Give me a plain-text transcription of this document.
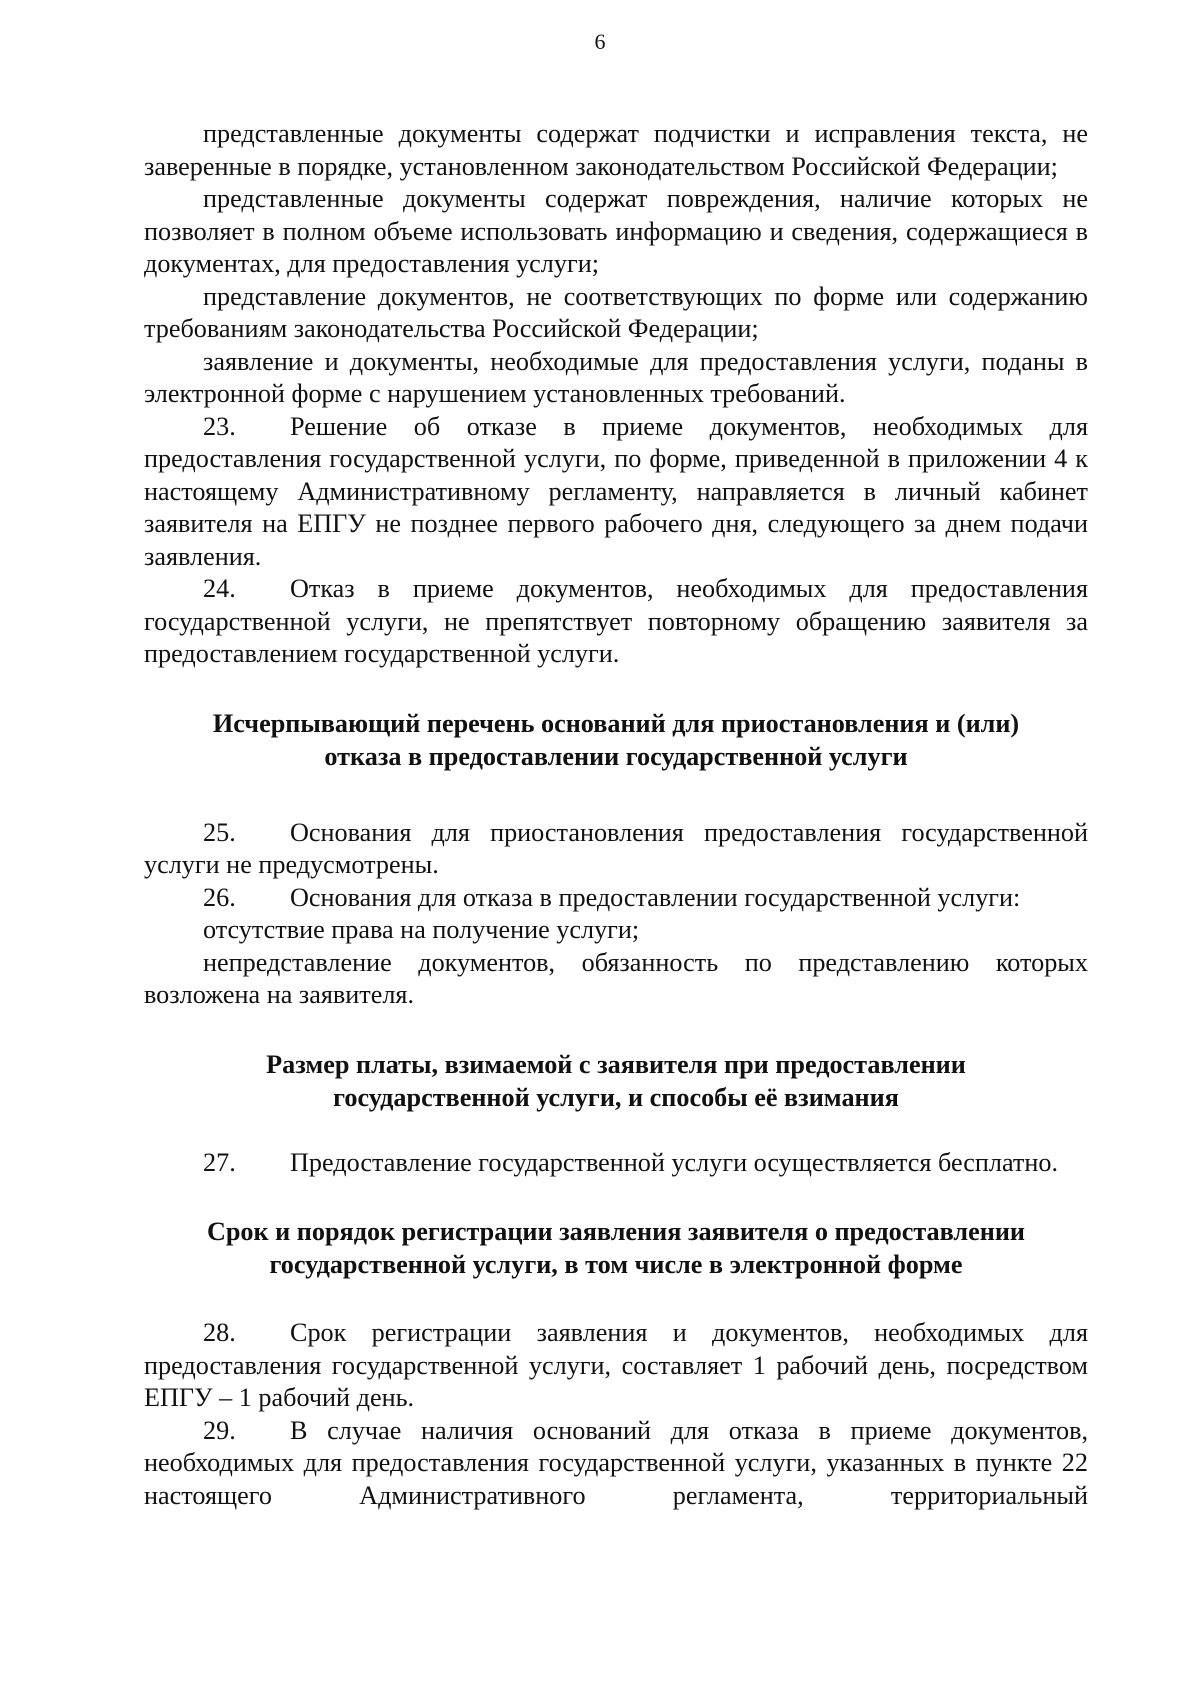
6

представленные документы содержат подчистки и исправления текста, не заверенные в порядке, установленном законодательством Российской Федерации;

представленные документы содержат повреждения, наличие которых не позволяет в полном объеме использовать информацию и сведения, содержащиеся в документах, для предоставления услуги;

представление документов, не соответствующих по форме или содержанию требованиям законодательства Российской Федерации;

заявление и документы, необходимые для предоставления услуги, поданы в электронной форме с нарушением установленных требований.

23. Решение об отказе в приеме документов, необходимых для предоставления государственной услуги, по форме, приведенной в приложении 4 к настоящему Административному регламенту, направляется в личный кабинет заявителя на ЕПГУ не позднее первого рабочего дня, следующего за днем подачи заявления.

24. Отказ в приеме документов, необходимых для предоставления государственной услуги, не препятствует повторному обращению заявителя за предоставлением государственной услуги.

Исчерпывающий перечень оснований для приостановления и (или)
отказа в предоставлении государственной услуги

25. Основания для приостановления предоставления государственной услуги не предусмотрены.

26. Основания для отказа в предоставлении государственной услуги:

отсутствие права на получение услуги;

непредставление документов, обязанность по представлению которых возложена на заявителя.

Размер платы, взимаемой с заявителя при предоставлении
государственной услуги, и способы её взимания

27. Предоставление государственной услуги осуществляется бесплатно.

Срок и порядок регистрации заявления заявителя о предоставлении
государственной услуги, в том числе в электронной форме

28. Срок регистрации заявления и документов, необходимых для предоставления государственной услуги, составляет 1 рабочий день, посредством ЕПГУ – 1 рабочий день.

29. В случае наличия оснований для отказа в приеме документов, необходимых для предоставления государственной услуги, указанных в пункте 22 настоящего Административного регламента, территориальный
